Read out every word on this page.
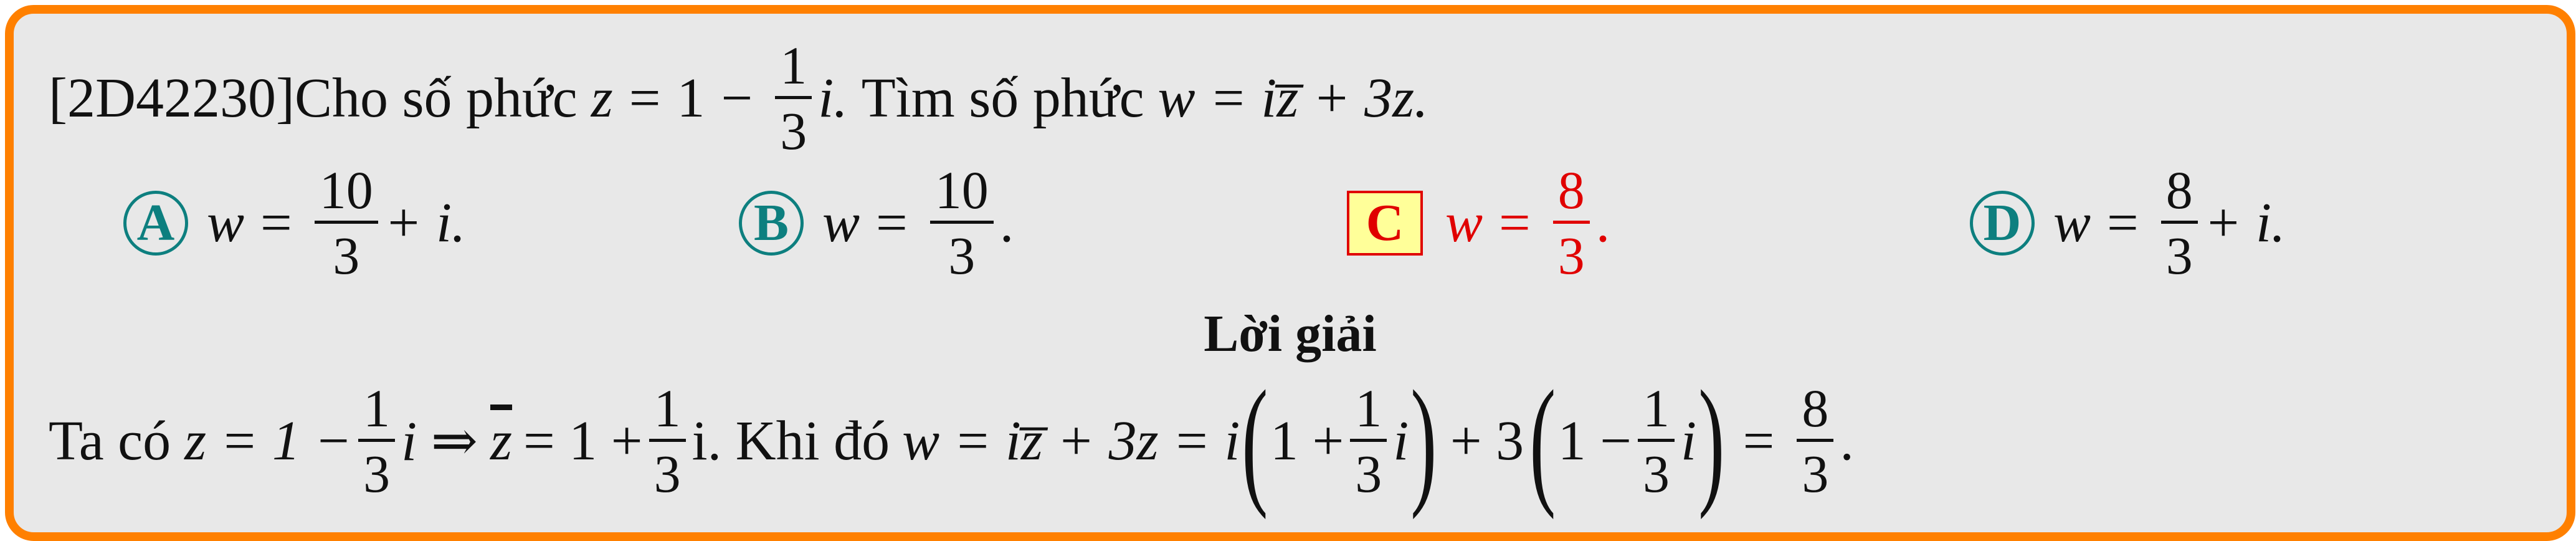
[2D42230] Cho số phức $z = 1 - \frac{1}{3} i$. Tìm số phức w = iz̅ + 3z.
A $w = \frac{10}{3} + i$.	B $w = \frac{10}{3}$ .	C $w = \frac{8}{3}$ .	D $w = \frac{8}{3} + i$.
Lời giải
Ta có $z = 1 - \frac{1}{3}$ i ⇒ $\overline{z} = 1 + \frac{1}{3} i$. Khi đó w = iz̅ + 3z = i ( $1 + \frac{1}{3}$ i ) + 3 ( $1 - \frac{1}{3}$ i ) = $\frac{8}{3}$ .
